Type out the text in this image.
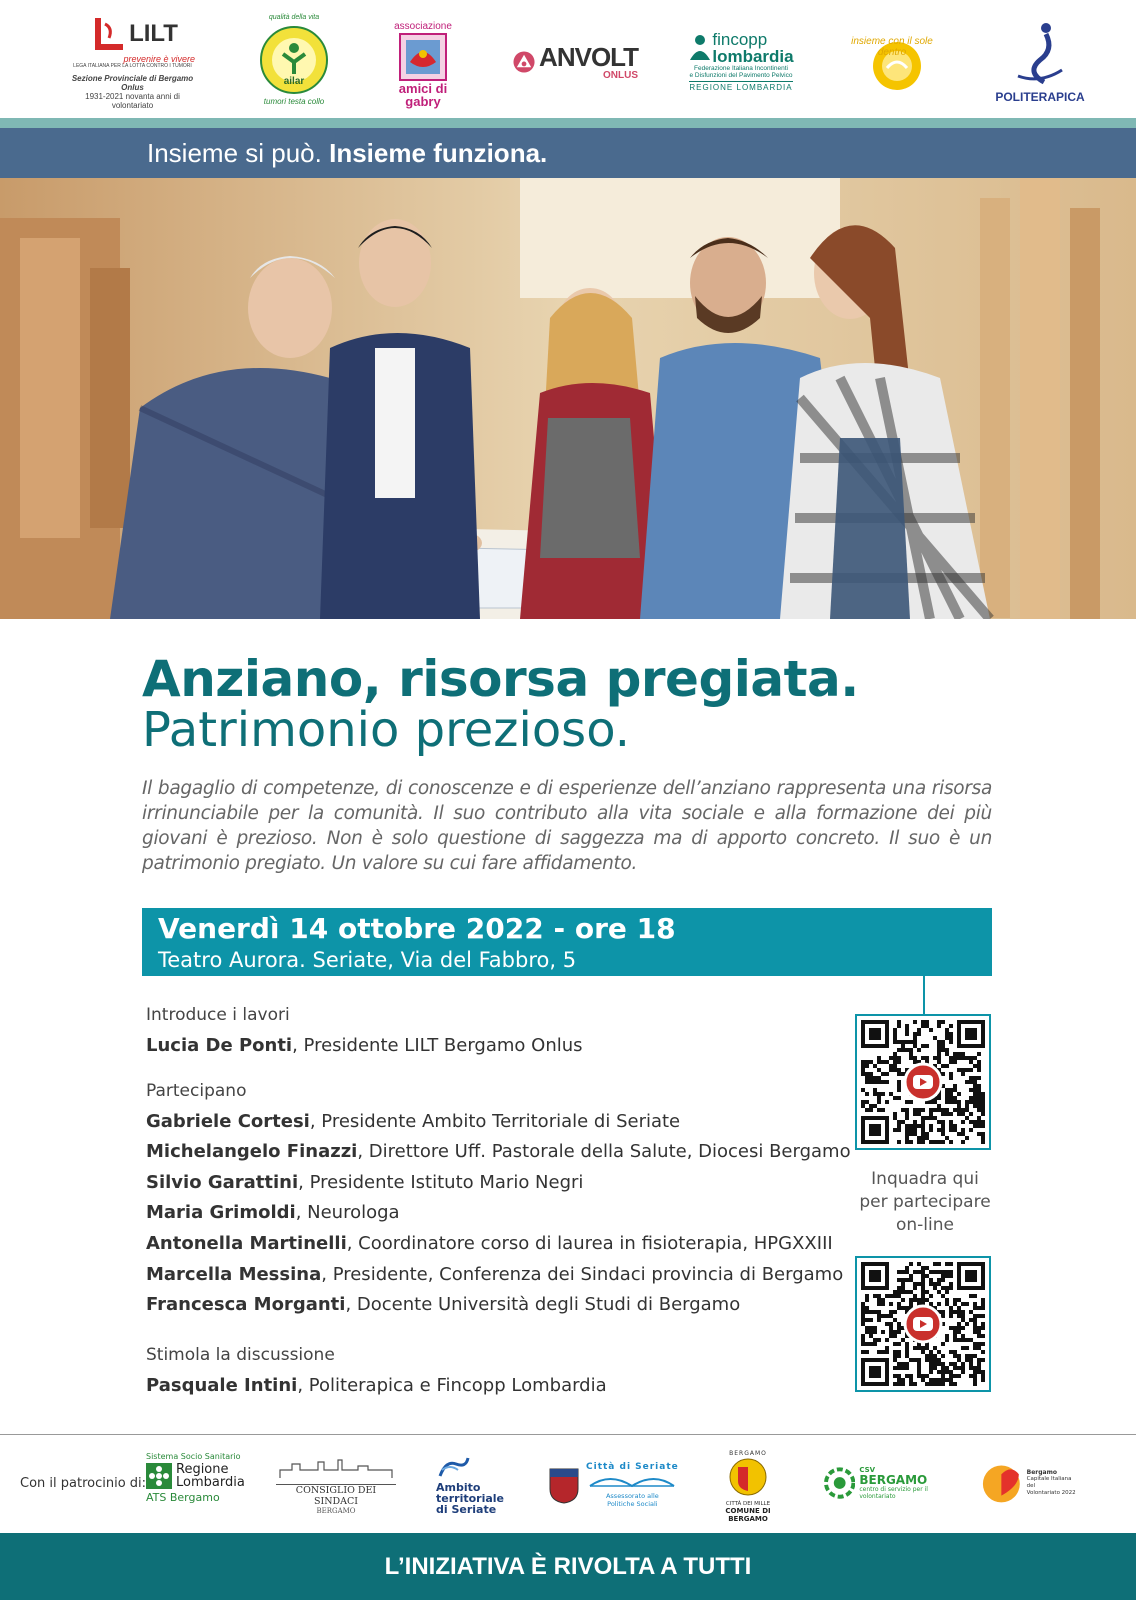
LILT
prevenire è vivere
LEGA ITALIANA PER LA LOTTA CONTRO I TUMORI
Sezione Provinciale di Bergamo Onlus
1931-2021 novanta anni di volontariato
ailar
qualità della vita
tumori testa collo
associazione
amici di
gabry
ANVOLT
ONLUS
fincopp
lombardia
Federazione Italiana Incontinenti
e Disfunzioni del Pavimento Pelvico
REGIONE LOMBARDIA
insieme con il sole dentro
POLITERAPICA
Insieme si può. Insieme funziona.
Anziano, risorsa pregiata.
Patrimonio prezioso.
Il bagaglio di competenze, di conoscenze e di esperienze dell’anziano rappresenta una risorsa irrinunciabile per la comunità. Il suo contributo alla vita sociale e alla formazione dei più giovani è prezioso. Non è solo questione di saggezza ma di apporto concreto. Il suo è un patrimonio pregiato. Un valore su cui fare affidamento.
Venerdì 14 ottobre 2022 - ore 18
Teatro Aurora. Seriate, Via del Fabbro, 5
Introduce i lavori
Lucia De Ponti, Presidente LILT Bergamo Onlus
Partecipano
Gabriele Cortesi, Presidente Ambito Territoriale di Seriate
Michelangelo Finazzi, Direttore Uff. Pastorale della Salute, Diocesi Bergamo
Silvio Garattini, Presidente Istituto Mario Negri
Maria Grimoldi, Neurologa
Antonella Martinelli, Coordinatore corso di laurea in fisioterapia, HPGXXIII
Marcella Messina, Presidente, Conferenza dei Sindaci provincia di Bergamo
Francesca Morganti, Docente Università degli Studi di Bergamo
Stimola la discussione
Pasquale Intini, Politerapica e Fincopp Lombardia
Inquadra qui
per partecipare
on-line
Con il patrocinio di:
Sistema Socio Sanitario
Regione
Lombardia
ATS Bergamo
CONSIGLIO DEI SINDACI
BERGAMO
Ambito
territoriale
di Seriate
Città di Seriate
Assessorato alle
Politiche Sociali
BERGAMO
CITTÀ DEI MILLE
COMUNE DI BERGAMO
CSV
BERGAMO
centro di servizio per il volontariato
Bergamo
Capitale Italiana del
Volontariato 2022
L’INIZIATIVA È RIVOLTA A TUTTI
